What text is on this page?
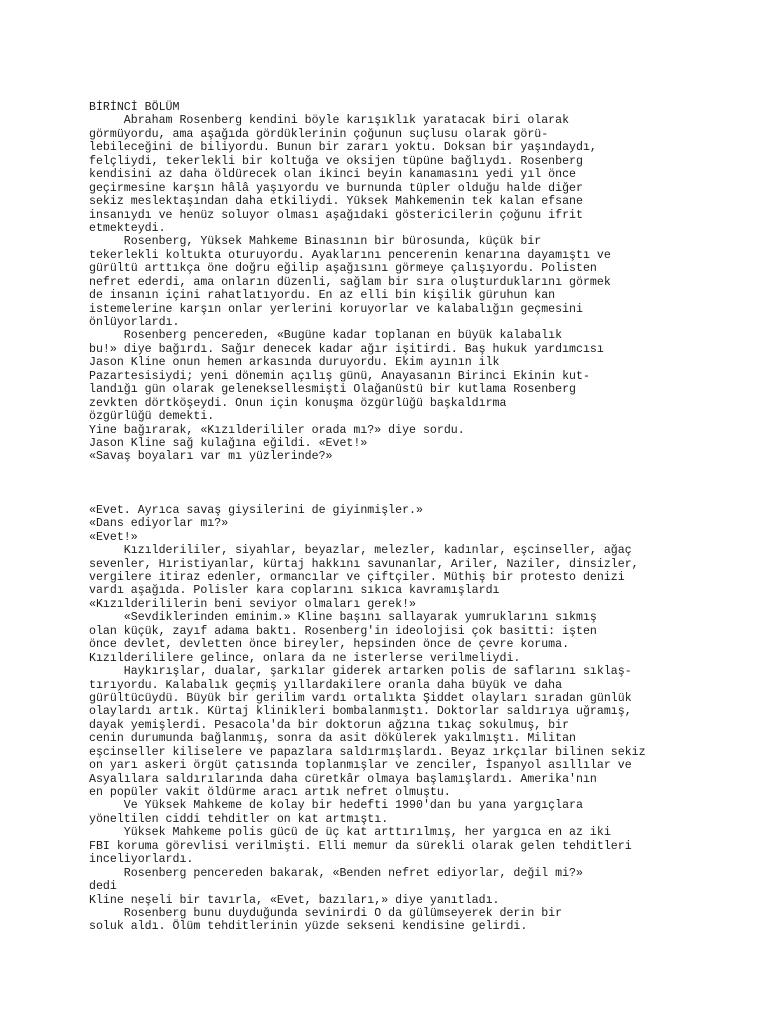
BİRİNCİ BÖLÜM
Abraham Rosenberg kendini böyle karışıklık yaratacak biri olarak
görmüyordu, ama aşağıda gördüklerinin çoğunun suçlusu olarak görü-
lebileceğini de biliyordu. Bunun bir zararı yoktu. Doksan bir yaşındaydı,
felçliydi, tekerlekli bir koltuğa ve oksijen tüpüne bağlıydı. Rosenberg
kendisini az daha öldürecek olan ikinci beyin kanamasını yedi yıl önce
geçirmesine karşın hâlâ yaşıyordu ve burnunda tüpler olduğu halde diğer
sekiz meslektaşından daha etkiliydi. Yüksek Mahkemenin tek kalan efsane
insanıydı ve henüz soluyor olması aşağıdaki göstericilerin çoğunu ifrit
etmekteydi.
Rosenberg, Yüksek Mahkeme Binasının bir bürosunda, küçük bir
tekerlekli koltukta oturuyordu. Ayaklarını pencerenin kenarına dayamıştı ve
gürültü arttıkça öne doğru eğilip aşağısını görmeye çalışıyordu. Polisten
nefret ederdi, ama onların düzenli, sağlam bir sıra oluşturduklarını görmek
de insanın içini rahatlatıyordu. En az elli bin kişilik güruhun kan
istemelerine karşın onlar yerlerini koruyorlar ve kalabalığın geçmesini
önlüyorlardı.
Rosenberg pencereden, «Bugüne kadar toplanan en büyük kalabalık
bu!» diye bağırdı. Sağır denecek kadar ağır işitirdi. Baş hukuk yardımcısı
Jason Kline onun hemen arkasında duruyordu. Ekim ayının ilk
Pazartesisiydi; yeni dönemin açılış günü, Anayasanın Birinci Ekinin kut-
landığı gün olarak geleneksellesmişti Olağanüstü bir kutlama Rosenberg
zevkten dörtköşeydi. Onun için konuşma özgürlüğü başkaldırma
özgürlüğü demekti.
Yine bağırarak, «Kızılderililer orada mı?» diye sordu.
Jason Kline sağ kulağına eğildi. «Evet!»
«Savaş boyaları var mı yüzlerinde?»
«Evet. Ayrıca savaş giysilerini de giyinmişler.»
«Dans ediyorlar mı?»
«Evet!»
Kızılderililer, siyahlar, beyazlar, melezler, kadınlar, eşcinseller, ağaç
sevenler, Hıristiyanlar, kürtaj hakkını savunanlar, Ariler, Naziler, dinsizler,
vergilere itiraz edenler, ormancılar ve çiftçiler. Müthiş bir protesto denizi
vardı aşağıda. Polisler kara coplarını sıkıca kavramışlardı
«Kızılderililerin beni seviyor olmaları gerek!»
«Sevdiklerinden eminim.» Kline başını sallayarak yumruklarını sıkmış
olan küçük, zayıf adama baktı. Rosenberg'in ideolojisi çok basitti: işten
önce devlet, devletten önce bireyler, hepsinden önce de çevre koruma.
Kızılderililere gelince, onlara da ne isterlerse verilmeliydi.
Haykırışlar, dualar, şarkılar giderek artarken polis de saflarını sıklaş-
tırıyordu. Kalabalık geçmiş yıllardakilere oranla daha büyük ve daha
gürültücüydü. Büyük bir gerilim vardı ortalıkta Şiddet olayları sıradan günlük
olaylardı artık. Kürtaj klinikleri bombalanmıştı. Doktorlar saldırıya uğramış,
dayak yemişlerdi. Pesacola'da bir doktorun ağzına tıkaç sokulmuş, bir
cenin durumunda bağlanmış, sonra da asit dökülerek yakılmıştı. Militan
eşcinseller kiliselere ve papazlara saldırmışlardı. Beyaz ırkçılar bilinen sekiz
on yarı askeri örgüt çatısında toplanmışlar ve zenciler, İspanyol asıllılar ve
Asyalılara saldırılarında daha cüretkâr olmaya başlamışlardı. Amerika'nın
en popüler vakit öldürme aracı artık nefret olmuştu.
Ve Yüksek Mahkeme de kolay bir hedefti 1990'dan bu yana yargıçlara
yöneltilen ciddi tehditler on kat artmıştı.
Yüksek Mahkeme polis gücü de üç kat arttırılmış, her yargıca en az iki
FBI koruma görevlisi verilmişti. Elli memur da sürekli olarak gelen tehditleri
inceliyorlardı.
Rosenberg pencereden bakarak, «Benden nefret ediyorlar, değil mi?»
dedi
Kline neşeli bir tavırla, «Evet, bazıları,» diye yanıtladı.
Rosenberg bunu duyduğunda sevinirdi O da gülümseyerek derin bir
soluk aldı. Ölüm tehditlerinin yüzde sekseni kendisine gelirdi.
